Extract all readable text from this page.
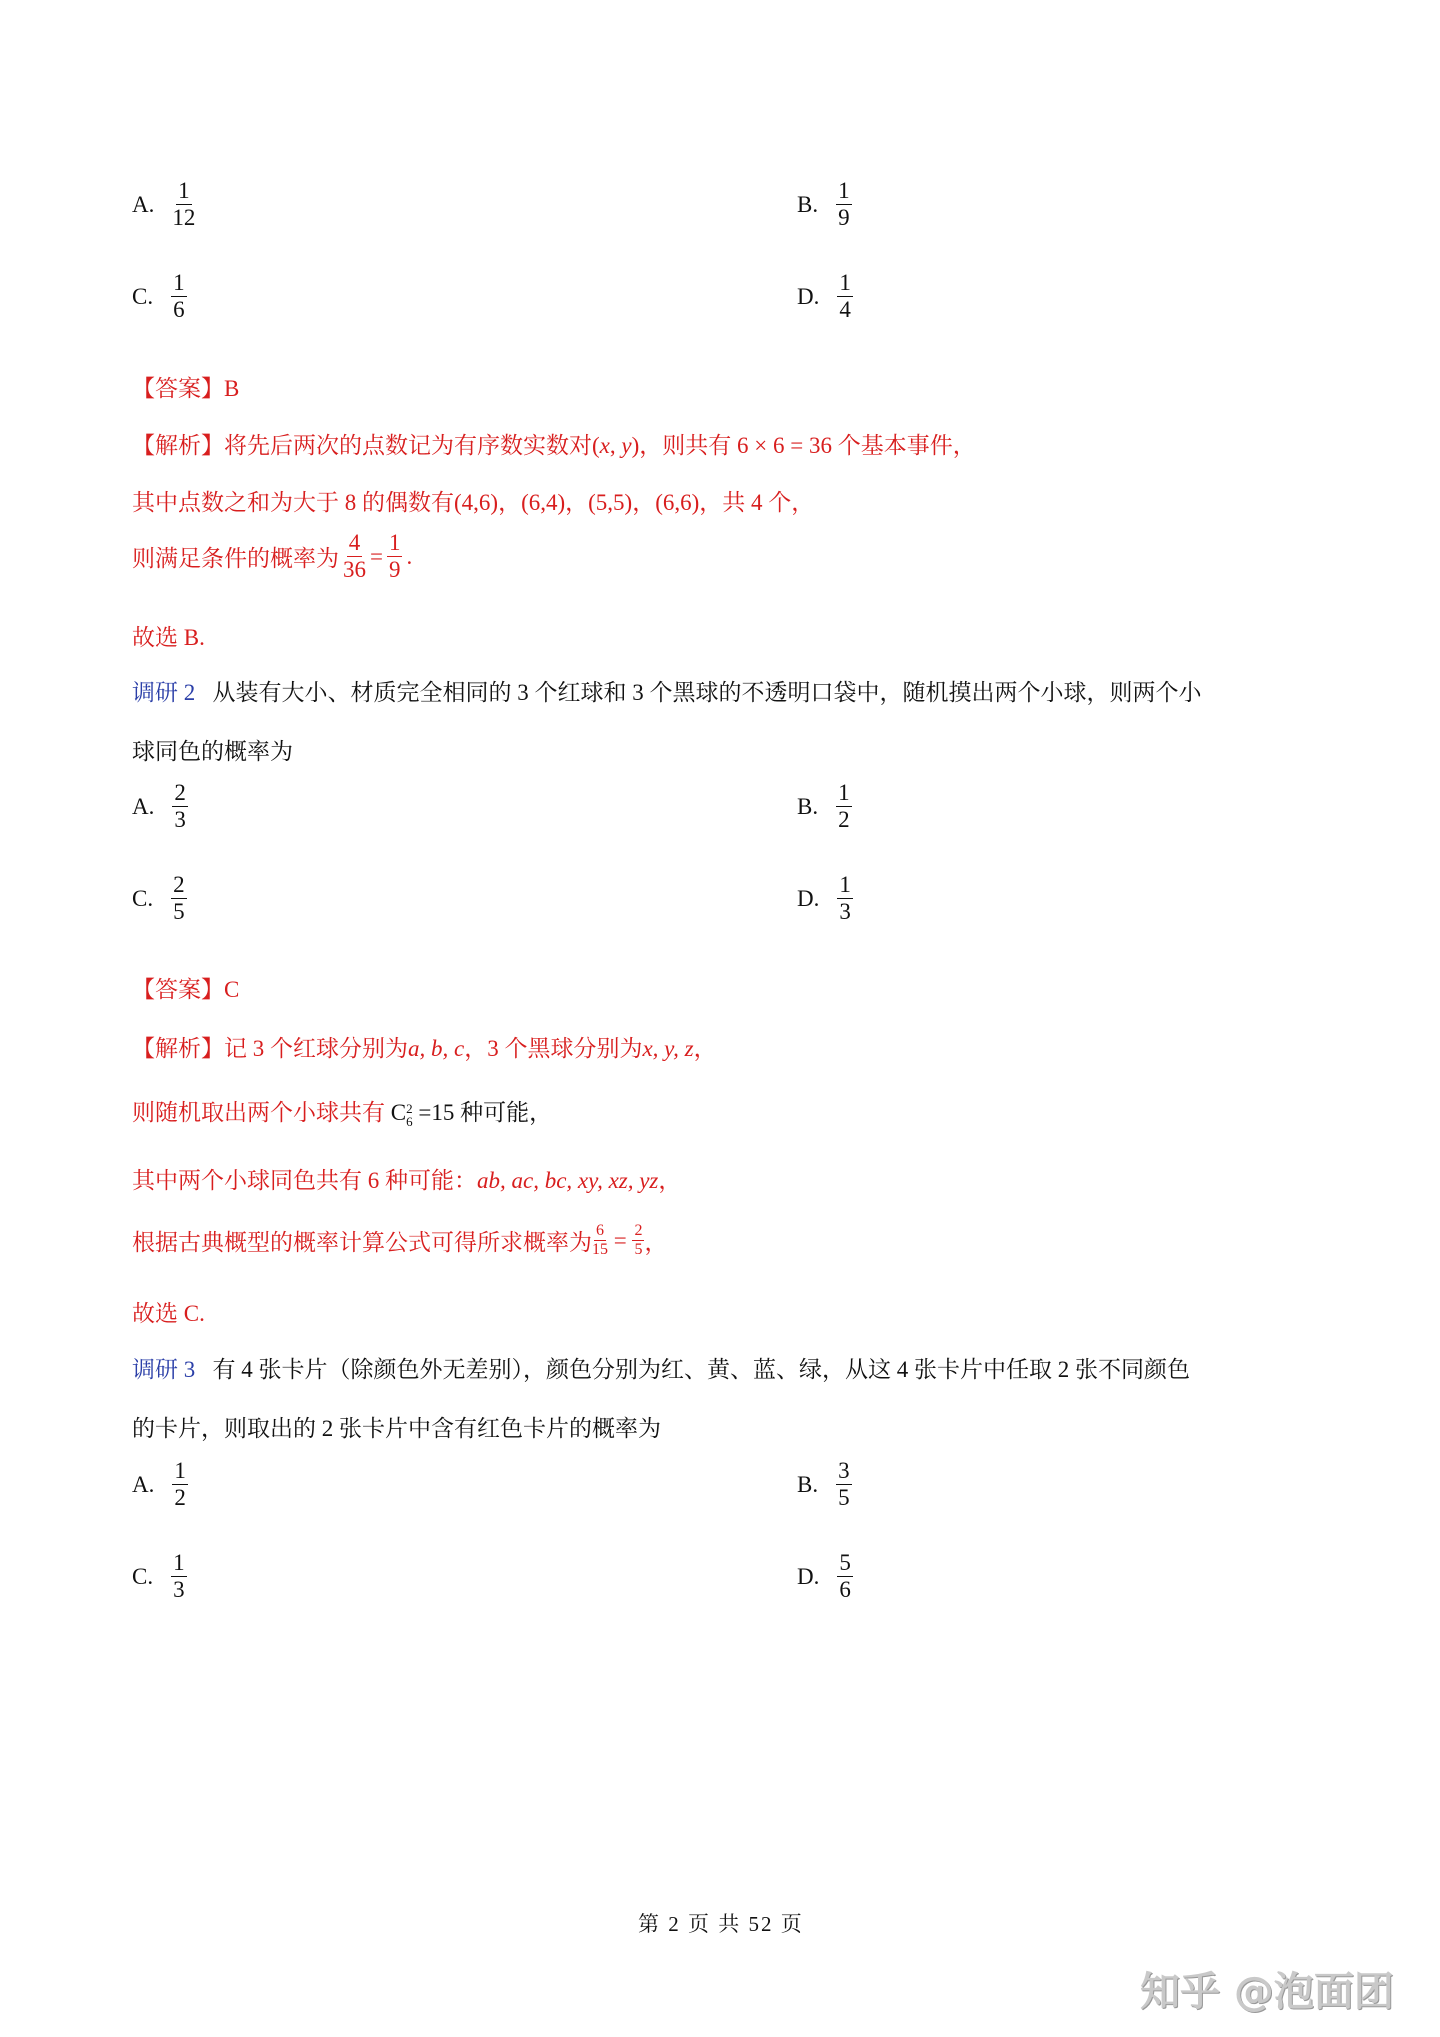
A. $\frac{1}{12}$	B. $\frac{1}{9}$
C. $\frac{1}{6}$	D. $\frac{1}{4}$
【答案】B
【解析】将先后两次的点数记为有序数实数对(x, y)，则共有 6 × 6 = 36 个基本事件，
其中点数之和为大于 8 的偶数有(4,6)，(6,4)，(5,5)，(6,6)，共 4 个，
则满足条件的概率为 $\frac{4}{36} = \frac{1}{9}$ .
故选 B.
调研 2 从装有大小、材质完全相同的 3 个红球和 3 个黑球的不透明口袋中，随机摸出两个小球，则两个小
球同色的概率为
A. $\frac{2}{3}$	B. $\frac{1}{2}$
C. $\frac{2}{5}$	D. $\frac{1}{3}$
【答案】C
【解析】记 3 个红球分别为a, b, c，3 个黑球分别为x, y, z，
则随机取出两个小球共有 C 2
6 =15 种可能，
其中两个小球同色共有 6 种可能：ab, ac, bc, xy, xz, yz，
根据古典概型的概率计算公式可得所求概率为 $\frac{6}{15} = \frac{2}{5}$ ，
故选 C.
调研 3 有 4 张卡片（除颜色外无差别），颜色分别为红、黄、蓝、绿，从这 4 张卡片中任取 2 张不同颜色
的卡片，则取出的 2 张卡片中含有红色卡片的概率为
A. $\frac{1}{2}$	B. $\frac{3}{5}$
C. $\frac{1}{3}$	D. $\frac{5}{6}$
第 2 页 共 52 页
知乎 @泡面团
